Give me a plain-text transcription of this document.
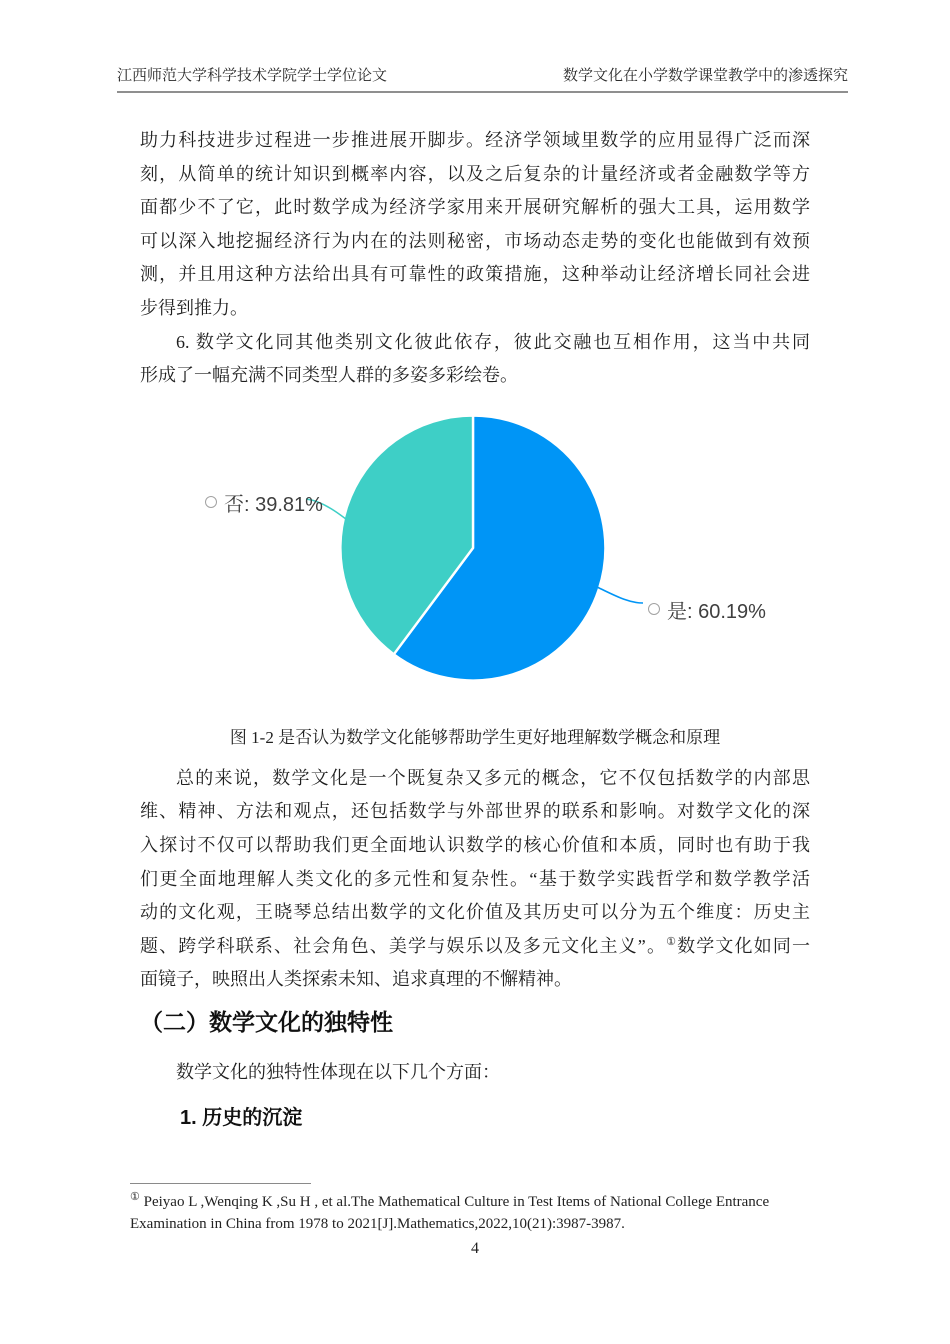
江西师范大学科学技术学院学士学位论文	数学文化在小学数学课堂教学中的渗透探究
助力科技进步过程进一步推进展开脚步。经济学领域里数学的应用显得广泛而深
刻，从简单的统计知识到概率内容，以及之后复杂的计量经济或者金融数学等方
面都少不了它，此时数学成为经济学家用来开展研究解析的强大工具，运用数学
可以深入地挖掘经济行为内在的法则秘密，市场动态走势的变化也能做到有效预
测，并且用这种方法给出具有可靠性的政策措施，这种举动让经济增长同社会进
步得到推力。
6. 数学文化同其他类别文化彼此依存，彼此交融也互相作用，这当中共同
形成了一幅充满不同类型人群的多姿多彩绘卷。
否: 39.81%
是: 60.19%
图 1-2 是否认为数学文化能够帮助学生更好地理解数学概念和原理
总的来说，数学文化是一个既复杂又多元的概念，它不仅包括数学的内部思
维、精神、方法和观点，还包括数学与外部世界的联系和影响。对数学文化的深
入探讨不仅可以帮助我们更全面地认识数学的核心价值和本质，同时也有助于我
们更全面地理解人类文化的多元性和复杂性。“基于数学实践哲学和数学教学活
动的文化观，王晓琴总结出数学的文化价值及其历史可以分为五个维度：历史主
题、跨学科联系、社会角色、美学与娱乐以及多元文化主义”。①数学文化如同一
面镜子，映照出人类探索未知、追求真理的不懈精神。
（二）数学文化的独特性
数学文化的独特性体现在以下几个方面：
1. 历史的沉淀
① Peiyao L ,Wenqing K ,Su H , et al.The Mathematical Culture in Test Items of National College Entrance
Examination in China from 1978 to 2021[J].Mathematics,2022,10(21):3987-3987.
4
